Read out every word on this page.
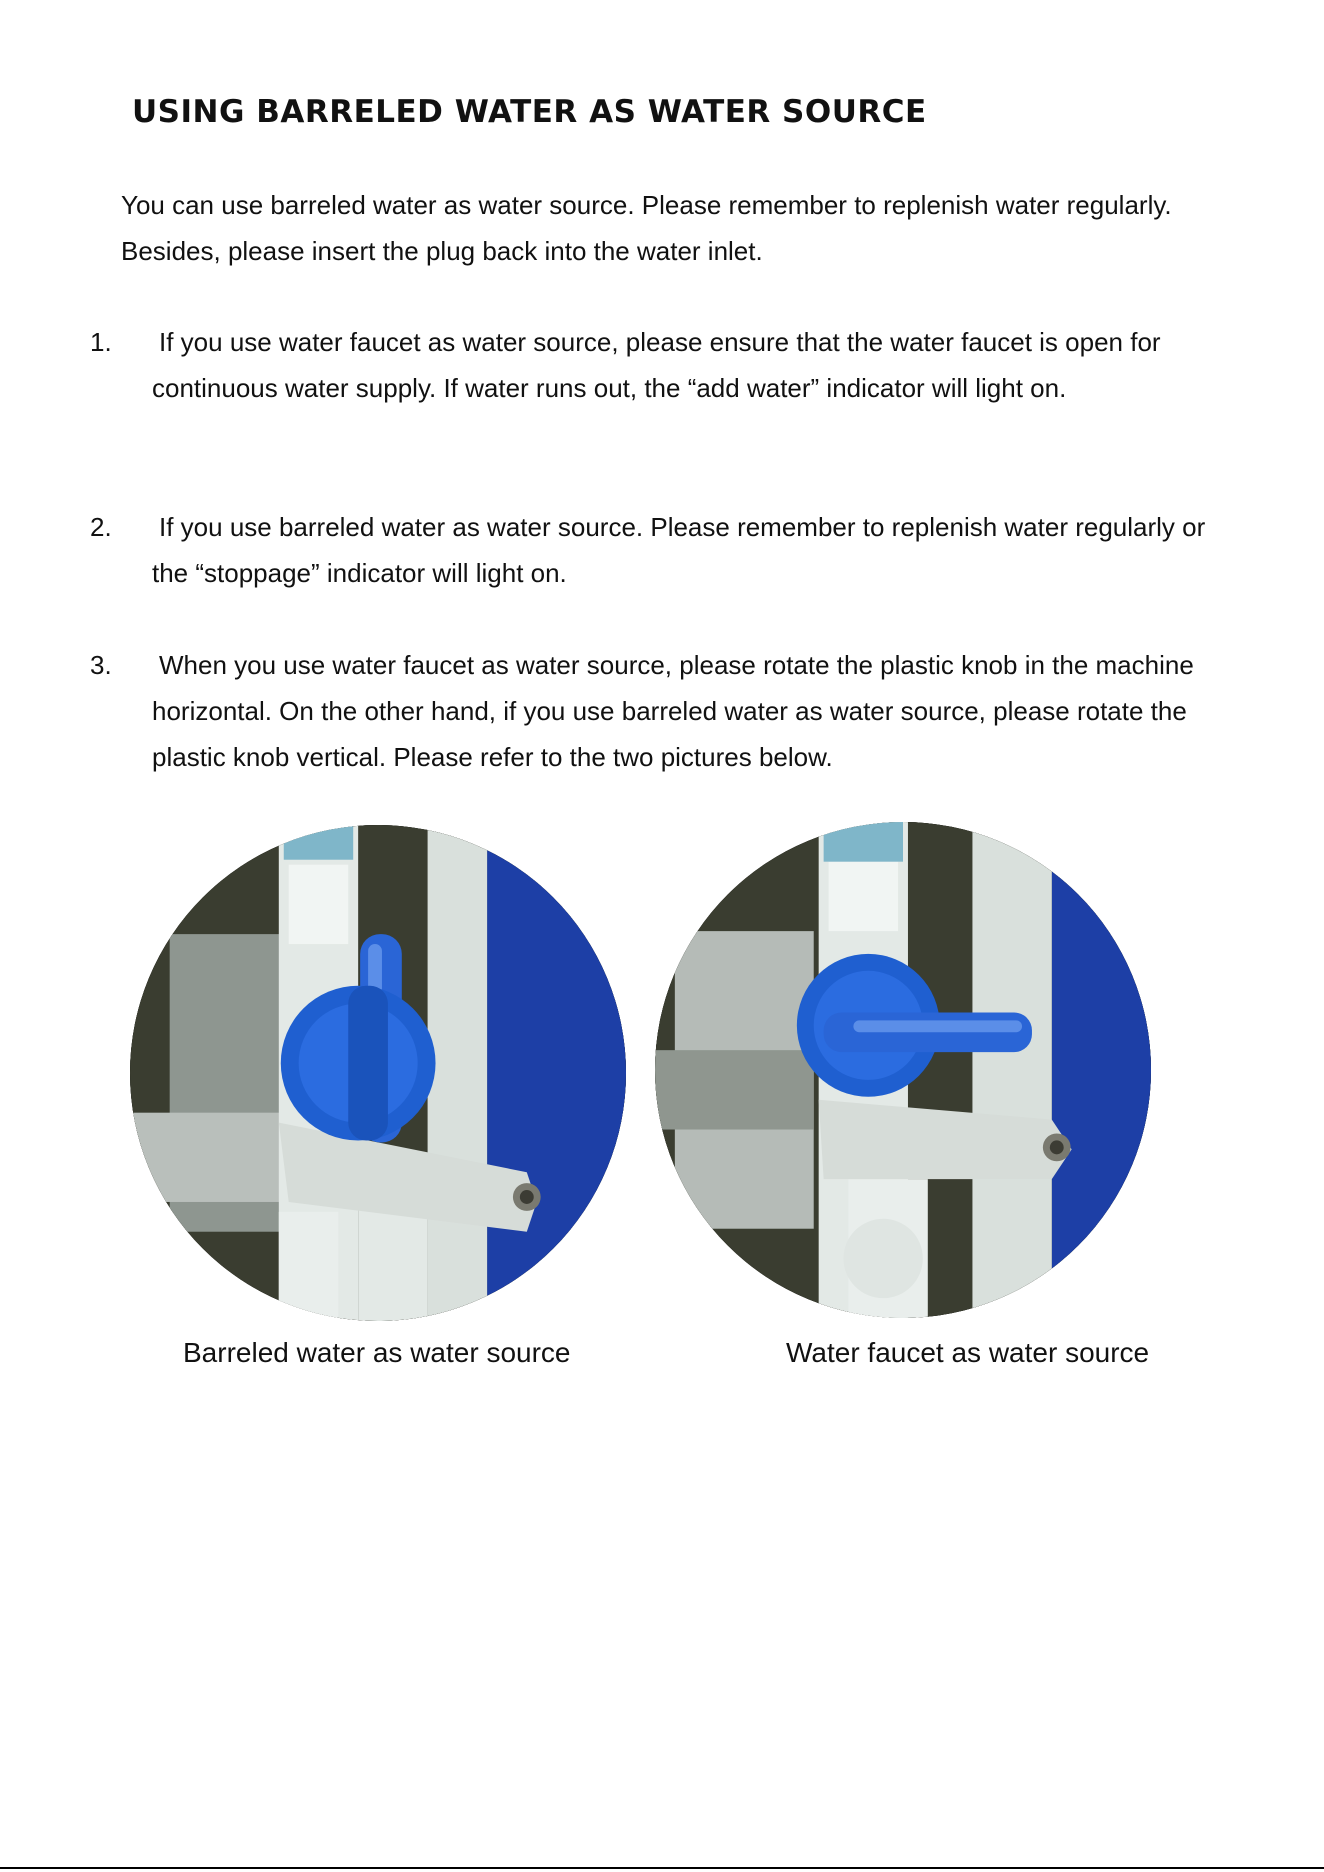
USING BARRELED WATER AS WATER SOURCE

You can use barreled water as water source. Please remember to replenish water regularly. Besides, please insert the plug back into the water inlet.

1. If you use water faucet as water source, please ensure that the water faucet is open for continuous water supply. If water runs out, the “add water” indicator will light on.
2. If you use barreled water as water source. Please remember to replenish water regularly or the “stoppage” indicator will light on.
3. When you use water faucet as water source, please rotate the plastic knob in the machine horizontal. On the other hand, if you use barreled water as water source, please rotate the plastic knob vertical. Please refer to the two pictures below.

Barreled water as water source	Water faucet as water source
